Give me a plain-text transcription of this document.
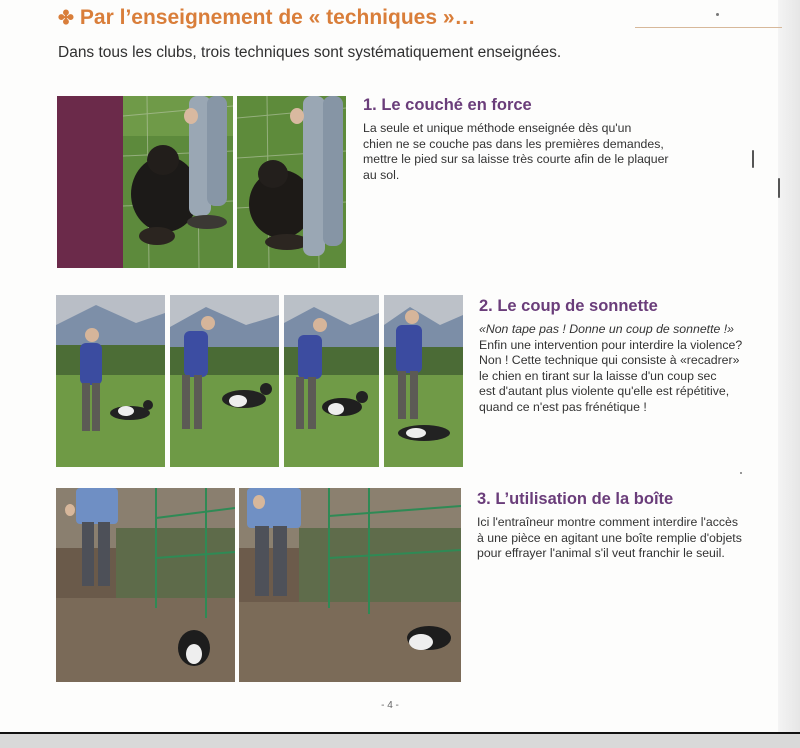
✤ Par l’enseignement de « techniques »…

Dans tous les clubs, trois techniques sont systématiquement enseignées.

1. Le couché en force

La seule et unique méthode enseignée dès qu'un
chien ne se couche pas dans les premières demandes,
mettre le pied sur sa laisse très courte afin de le plaquer
au sol.

2. Le coup de sonnette

«Non tape pas ! Donne un coup de sonnette !»
Enfin une intervention pour interdire la violence?
Non ! Cette technique qui consiste à «recadrer»
le chien en tirant sur la laisse d'un coup sec
est d'autant plus violente qu'elle est répétitive,
quand ce n'est pas frénétique !

3. L’utilisation de la boîte

Ici l'entraîneur montre comment interdire l'accès
à une pièce en agitant une boîte remplie d'objets
pour effrayer l'animal s'il veut franchir le seuil.

- 4 -
